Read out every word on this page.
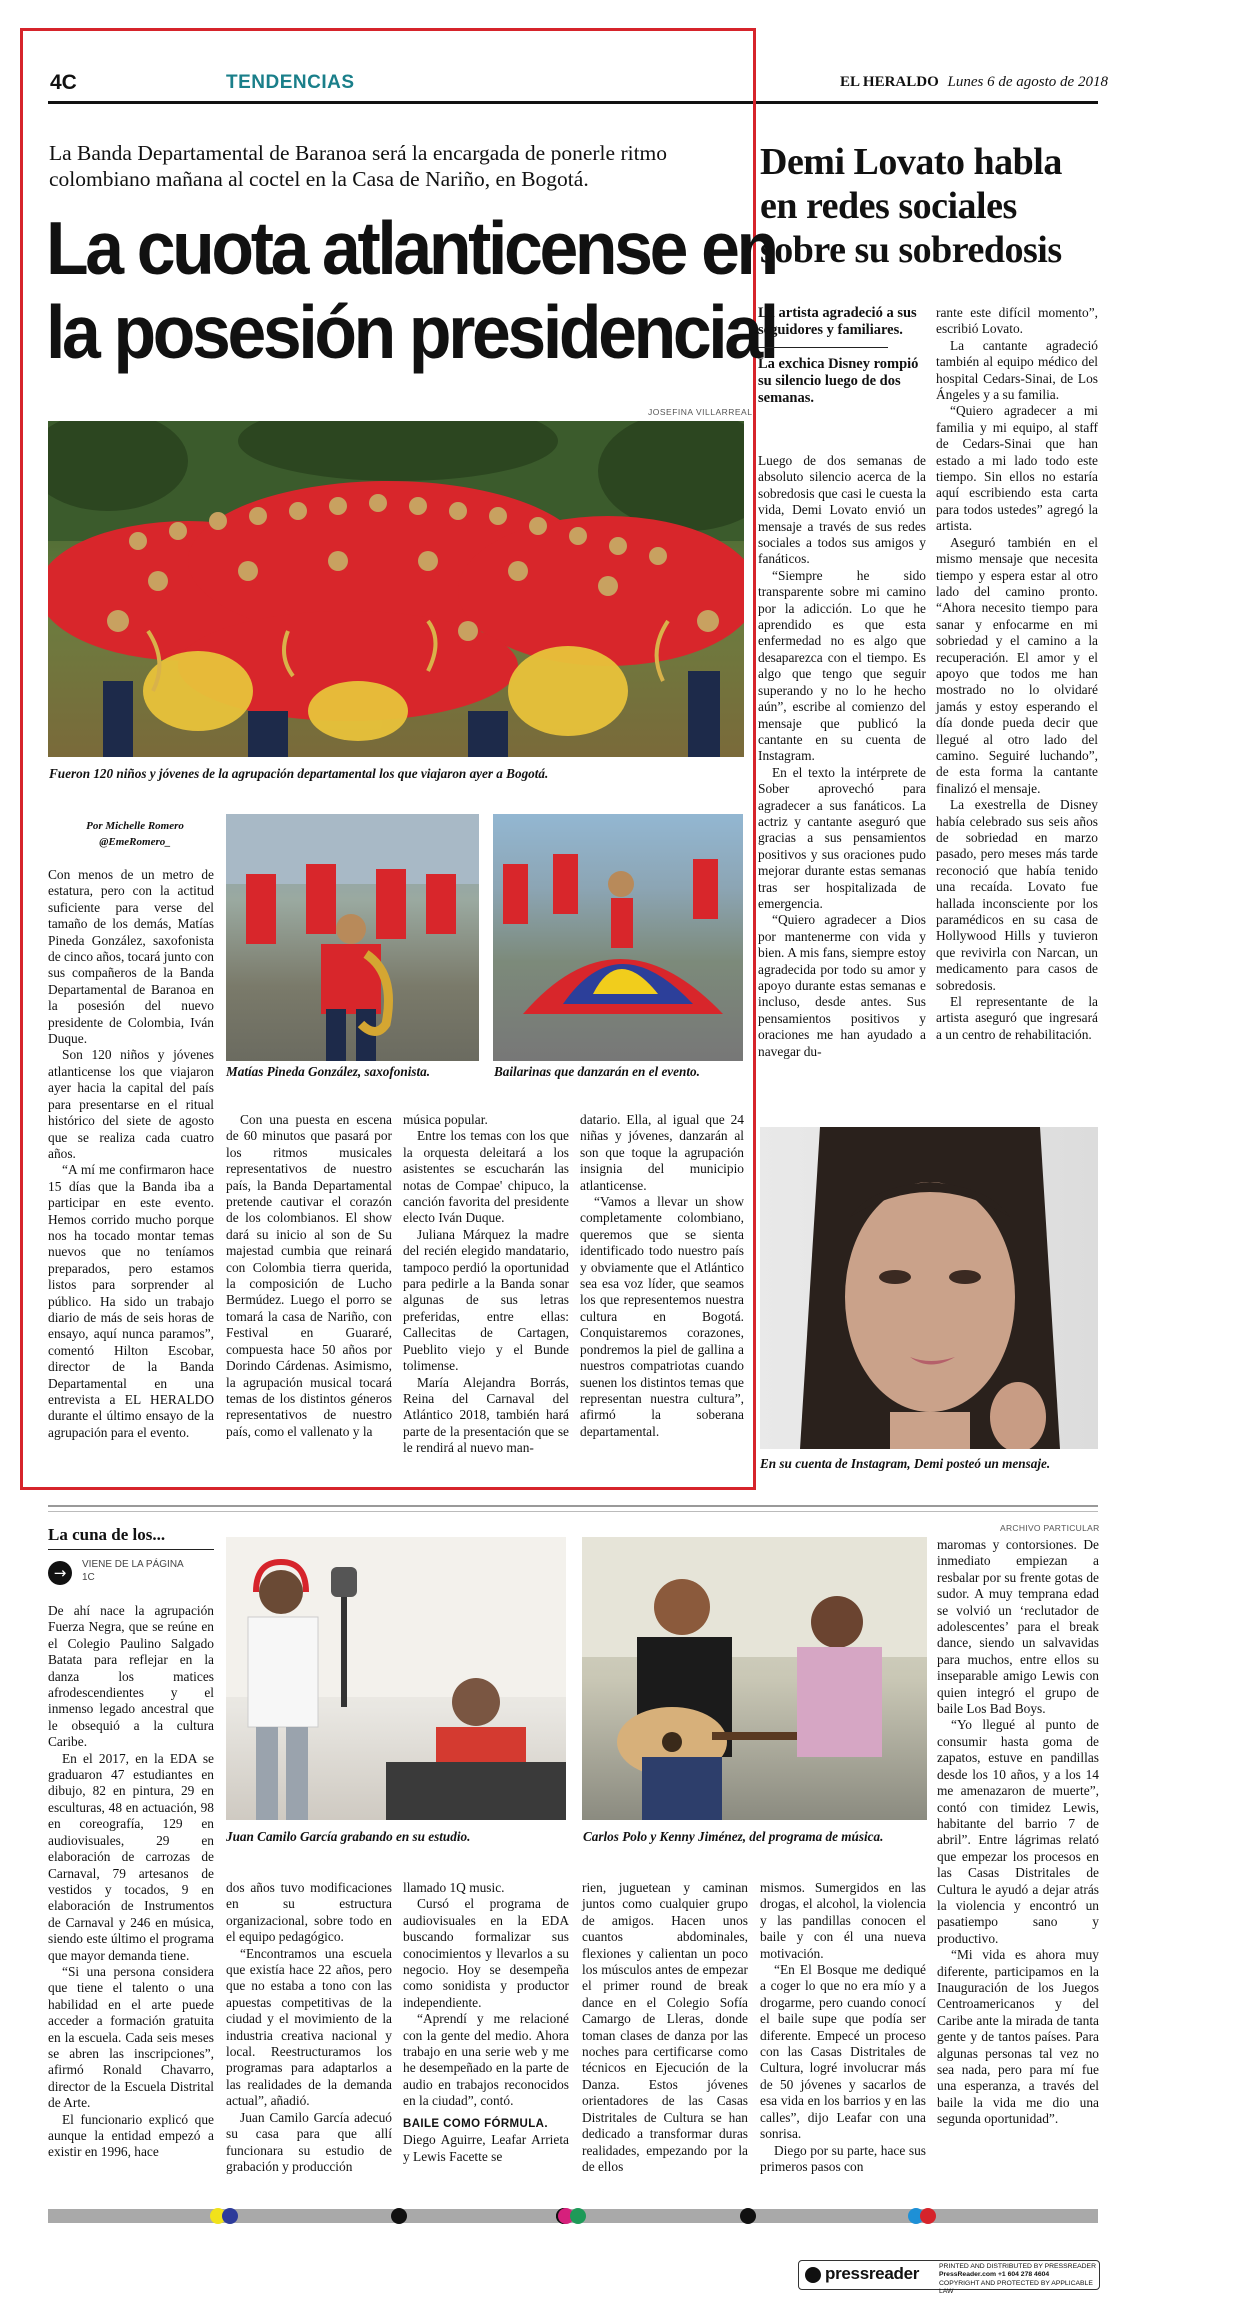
4C	TENDENCIAS	EL HERALDO Lunes 6 de agosto de 2018
La Banda Departamental de Baranoa será la encargada de ponerle ritmo colombiano mañana al coctel en la Casa de Nariño, en Bogotá.
La cuota atlanticense en
la posesión presidencial
JOSEFINA VILLARREAL
Fueron 120 niños y jóvenes de la agrupación departamental los que viajaron ayer a Bogotá.
Por Michelle Romero
@EmeRomero_
Matías Pineda González, saxofonista.	Bailarinas que danzarán en el evento.

Con menos de un metro de estatura, pero con la actitud suficiente para verse del tamaño de los demás, Matías Pineda González, saxofonista de cinco años, tocará junto con sus compañeros de la Banda Departamental de Baranoa en la posesión del nuevo presidente de Colombia, Iván Duque.

Son 120 niños y jóvenes atlanticense los que viajaron ayer hacia la capital del país para presentarse en el ritual histórico del siete de agosto que se realiza cada cuatro años.

“A mí me confirmaron hace 15 días que la Banda iba a participar en este evento. Hemos corrido mucho porque nos ha tocado montar temas nuevos que no teníamos preparados, pero estamos listos para sorprender al público. Ha sido un trabajo diario de más de seis horas de ensayo, aquí nunca paramos”, comentó Hilton Escobar, director de la Banda Departamental en una entrevista a EL HERALDO durante el último ensayo de la agrupación para el evento.

Con una puesta en escena de 60 minutos que pasará por los ritmos musicales representativos de nuestro país, la Banda Departamental pretende cautivar el corazón de los colombianos. El show dará su inicio al son de Su majestad cumbia que reinará con Colombia tierra querida, la composición de Lucho Bermúdez. Luego el porro se tomará la casa de Nariño, con Festival en Guararé, compuesta hace 50 años por Dorindo Cárdenas. Asimismo, la agrupación musical tocará temas de los distintos géneros representativos de nuestro país, como el vallenato y la

música popular.

Entre los temas con los que la orquesta deleitará a los asistentes se escucharán las notas de Compae' chipuco, la canción favorita del presidente electo Iván Duque.

Juliana Márquez la madre del recién elegido mandatario, tampoco perdió la oportunidad para pedirle a la Banda sonar algunas de sus letras preferidas, entre ellas: Callecitas de Cartagen, Pueblito viejo y el Bunde tolimense.

María Alejandra Borrás, Reina del Carnaval del Atlántico 2018, también hará parte de la presentación que se le rendirá al nuevo man-

datario. Ella, al igual que 24 niñas y jóvenes, danzarán al son que toque la agrupación insignia del municipio atlanticense.

“Vamos a llevar un show completamente colombiano, queremos que se sienta identificado todo nuestro país y obviamente que el Atlántico sea esa voz líder, que seamos los que representemos nuestra cultura en Bogotá. Conquistaremos corazones, pondremos la piel de gallina a nuestros compatriotas cuando suenen los distintos temas que representan nuestra cultura”, afirmó la soberana departamental.

Demi Lovato habla en redes sociales sobre su sobredosis
La artista agradeció a sus seguidores y familiares.
La exchica Disney rompió su silencio luego de dos semanas.

Luego de dos semanas de absoluto silencio acerca de la sobredosis que casi le cuesta la vida, Demi Lovato envió un mensaje a través de sus redes sociales a todos sus amigos y fanáticos.

“Siempre he sido transparente sobre mi camino por la adicción. Lo que he aprendido es que esta enfermedad no es algo que desaparezca con el tiempo. Es algo que tengo que seguir superando y no lo he hecho aún”, escribe al comienzo del mensaje que publicó la cantante en su cuenta de Instagram.

En el texto la intérprete de Sober aprovechó para agradecer a sus fanáticos. La actriz y cantante aseguró que gracias a sus pensamientos positivos y sus oraciones pudo mejorar durante estas semanas tras ser hospitalizada de emergencia.

“Quiero agradecer a Dios por mantenerme con vida y bien. A mis fans, siempre estoy agradecida por todo su amor y apoyo durante estas semanas e incluso, desde antes. Sus pensamientos positivos y oraciones me han ayudado a navegar du-

rante este difícil momento”, escribió Lovato.

La cantante agradeció también al equipo médico del hospital Cedars-Sinai, de Los Ángeles y a su familia.

“Quiero agradecer a mi familia y mi equipo, al staff de Cedars-Sinai que han estado a mi lado todo este tiempo. Sin ellos no estaría aquí escribiendo esta carta para todos ustedes” agregó la artista.

Aseguró también en el mismo mensaje que necesita tiempo y espera estar al otro lado del camino pronto. “Ahora necesito tiempo para sanar y enfocarme en mi sobriedad y el camino a la recuperación. El amor y el apoyo que todos me han mostrado no lo olvidaré jamás y estoy esperando el día donde pueda decir que llegué al otro lado del camino. Seguiré luchando”, de esta forma la cantante finalizó el mensaje.

La exestrella de Disney había celebrado sus seis años de sobriedad en marzo pasado, pero meses más tarde reconoció que había tenido una recaída. Lovato fue hallada inconsciente por los paramédicos en su casa de Hollywood Hills y tuvieron que revivirla con Narcan, un medicamento para casos de sobredosis.

El representante de la artista aseguró que ingresará a un centro de rehabilitación.

En su cuenta de Instagram, Demi posteó un mensaje.
La cuna de los...
→	VIENE DE LA PÁGINA 1C
ARCHIVO PARTICULAR
Juan Camilo García grabando en su estudio.	Carlos Polo y Kenny Jiménez, del programa de música.

De ahí nace la agrupación Fuerza Negra, que se reúne en el Colegio Paulino Salgado Batata para reflejar en la danza los matices afrodescendientes y el inmenso legado ancestral que le obsequió a la cultura Caribe.

En el 2017, en la EDA se graduaron 47 estudiantes en dibujo, 82 en pintura, 29 en esculturas, 48 en actuación, 98 en coreografía, 129 en audiovisuales, 29 en elaboración de carrozas de Carnaval, 79 artesanos de vestidos y tocados, 9 en elaboración de Instrumentos de Carnaval y 246 en música, siendo este último el programa que mayor demanda tiene.

“Si una persona considera que tiene el talento o una habilidad en el arte puede acceder a formación gratuita en la escuela. Cada seis meses se abren las inscripciones”, afirmó Ronald Chavarro, director de la Escuela Distrital de Arte.

El funcionario explicó que aunque la entidad empezó a existir en 1996, hace

dos años tuvo modificaciones en su estructura organizacional, sobre todo en el equipo pedagógico.

“Encontramos una escuela que existía hace 22 años, pero que no estaba a tono con las apuestas competitivas de la ciudad y el movimiento de la industria creativa nacional y local. Reestructuramos los programas para adaptarlos a las realidades de la demanda actual”, añadió.

Juan Camilo García adecuó su casa para que allí funcionara su estudio de grabación y producción

llamado 1Q music.

Cursó el programa de audiovisuales en la EDA buscando formalizar sus conocimientos y llevarlos a su negocio. Hoy se desempeña como sonidista y productor independiente.

“Aprendí y me relacioné con la gente del medio. Ahora trabajo en una serie web y me he desempeñado en la parte de audio en trabajos reconocidos en la ciudad”, contó.

BAILE COMO FÓRMULA.

Diego Aguirre, Leafar Arrieta y Lewis Facette se

rien, juguetean y caminan juntos como cualquier grupo de amigos. Hacen unos cuantos abdominales, flexiones y calientan un poco los músculos antes de empezar el primer round de break dance en el Colegio Sofía Camargo de Lleras, donde toman clases de danza por las noches para certificarse como técnicos en Ejecución de la Danza. Estos jóvenes orientadores de las Casas Distritales de Cultura se han dedicado a transformar duras realidades, empezando por la de ellos

mismos. Sumergidos en las drogas, el alcohol, la violencia y las pandillas conocen el baile y con él una nueva motivación.

“En El Bosque me dediqué a coger lo que no era mío y a drogarme, pero cuando conocí el baile supe que podía ser diferente. Empecé un proceso con las Casas Distritales de Cultura, logré involucrar más de 50 jóvenes y sacarlos de esa vida en los barrios y en las calles”, dijo Leafar con una sonrisa.

Diego por su parte, hace sus primeros pasos con

maromas y contorsiones. De inmediato empiezan a resbalar por su frente gotas de sudor. A muy temprana edad se volvió un ‘reclutador de adolescentes’ para el break dance, siendo un salvavidas para muchos, entre ellos su inseparable amigo Lewis con quien integró el grupo de baile Los Bad Boys.

“Yo llegué al punto de consumir hasta goma de zapatos, estuve en pandillas desde los 10 años, y a los 14 me amenazaron de muerte”, contó con timidez Lewis, habitante del barrio 7 de abril”. Entre lágrimas relató que empezar los procesos en las Casas Distritales de Cultura le ayudó a dejar atrás la violencia y encontró un pasatiempo sano y productivo.

“Mi vida es ahora muy diferente, participamos en la Inauguración de los Juegos Centroamericanos y del Caribe ante la mirada de tanta gente y de tantos países. Para algunas personas tal vez no sea nada, pero para mí fue una esperanza, a través del baile la vida me dio una segunda oportunidad”.

pressreader	PRINTED AND DISTRIBUTED BY PRESSREADER
PressReader.com +1 604 278 4604
COPYRIGHT AND PROTECTED BY APPLICABLE LAW
